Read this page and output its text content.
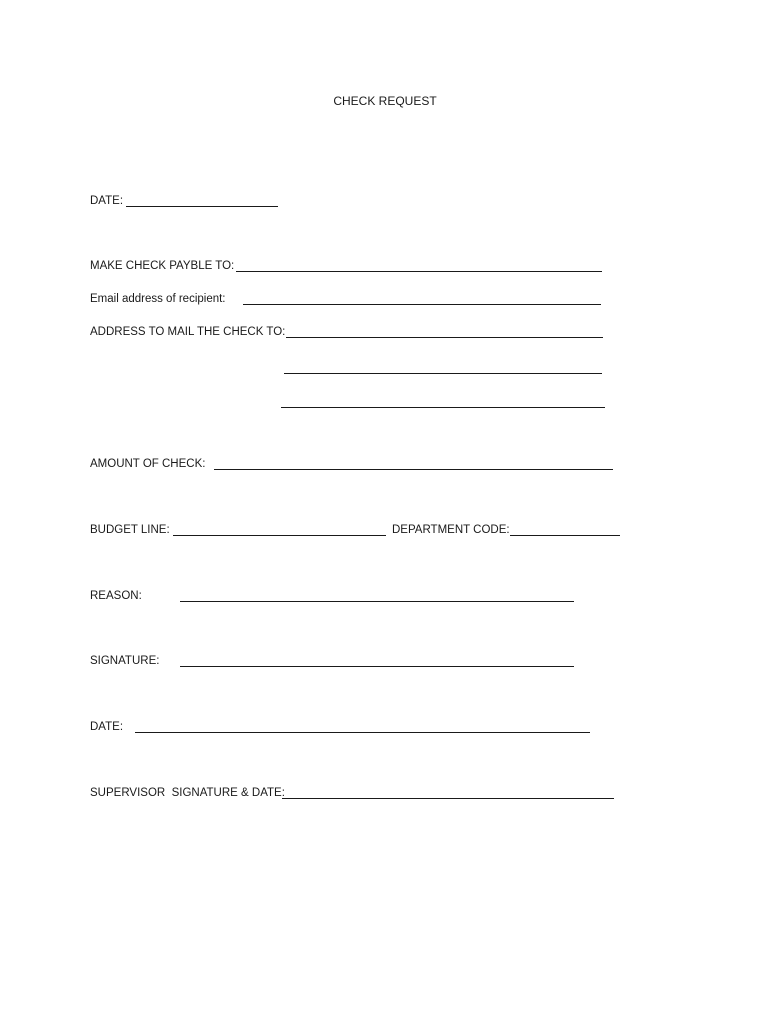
CHECK REQUEST
DATE:
MAKE CHECK PAYBLE TO:
Email address of recipient:
ADDRESS TO MAIL THE CHECK TO:
AMOUNT OF CHECK:
BUDGET LINE:	DEPARTMENT CODE:
REASON:
SIGNATURE:
DATE:
SUPERVISOR  SIGNATURE & DATE:
